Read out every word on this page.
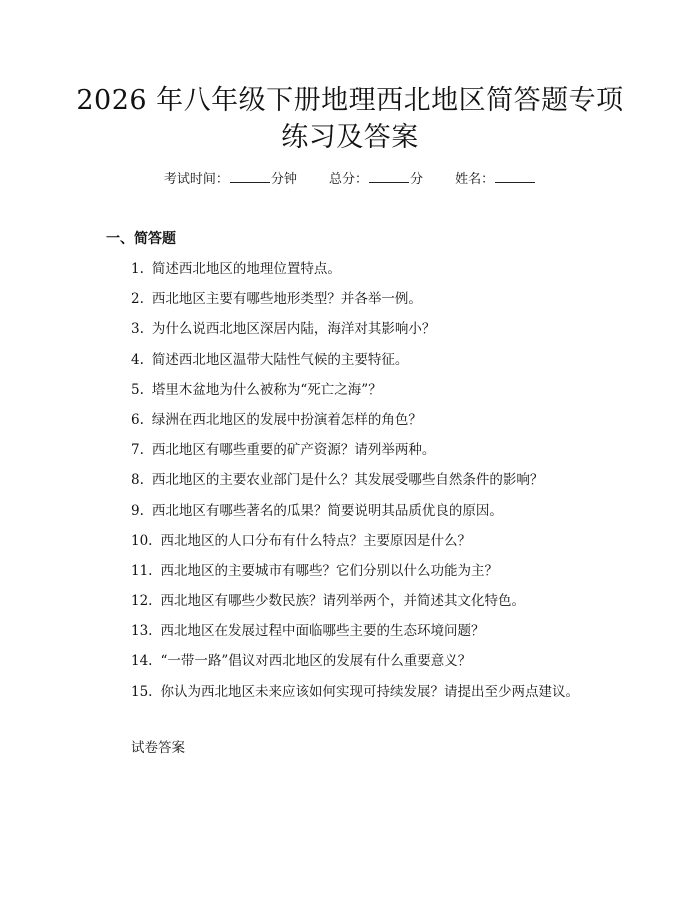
2026 年八年级下册地理西北地区简答题专项
练习及答案
考试时间：	分钟 总分：	分 姓名：
一、简答题
1. 简述西北地区的地理位置特点。
2. 西北地区主要有哪些地形类型？并各举一例。
3. 为什么说西北地区深居内陆，海洋对其影响小？
4. 简述西北地区温带大陆性气候的主要特征。
5. 塔里木盆地为什么被称为“死亡之海”？
6. 绿洲在西北地区的发展中扮演着怎样的角色？
7. 西北地区有哪些重要的矿产资源？请列举两种。
8. 西北地区的主要农业部门是什么？其发展受哪些自然条件的影响？
9. 西北地区有哪些著名的瓜果？简要说明其品质优良的原因。
10. 西北地区的人口分布有什么特点？主要原因是什么？
11. 西北地区的主要城市有哪些？它们分别以什么功能为主？
12. 西北地区有哪些少数民族？请列举两个，并简述其文化特色。
13. 西北地区在发展过程中面临哪些主要的生态环境问题？
14. “一带一路”倡议对西北地区的发展有什么重要意义？
15. 你认为西北地区未来应该如何实现可持续发展？请提出至少两点建议。
试卷答案
